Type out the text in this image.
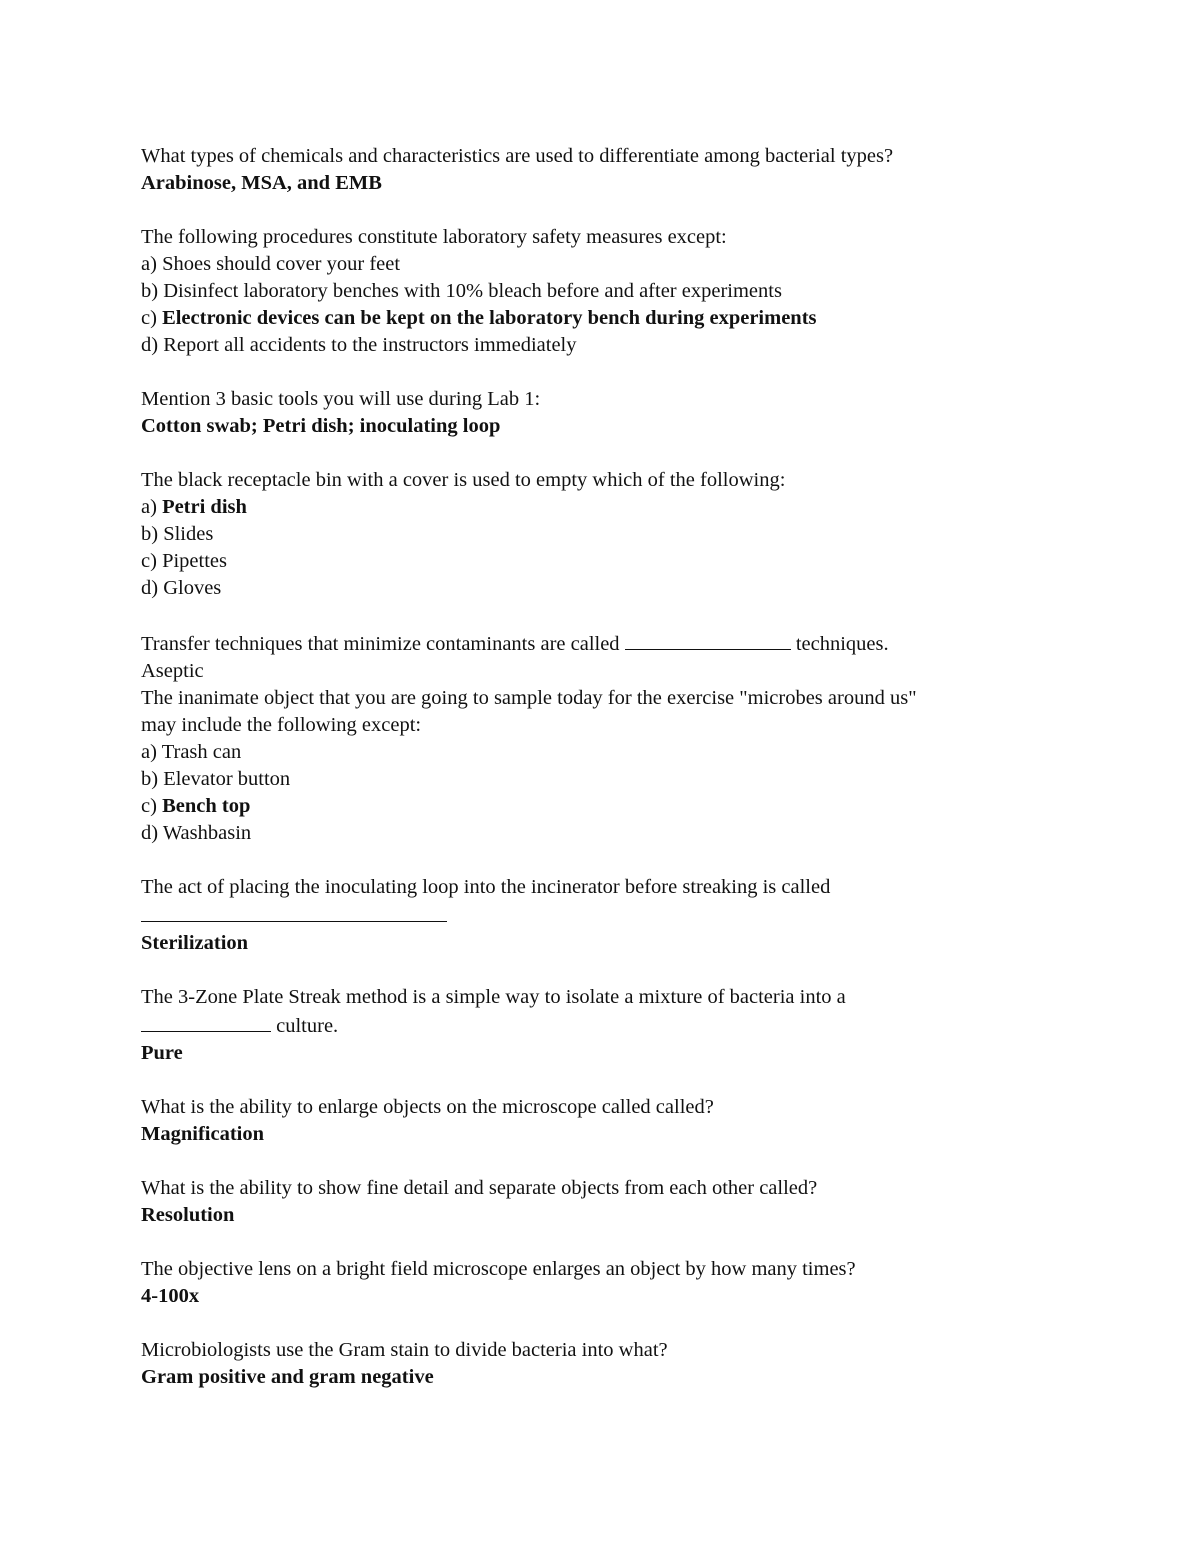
What types of chemicals and characteristics are used to differentiate among bacterial types?

Arabinose, MSA, and EMB

The following procedures constitute laboratory safety measures except:

a) Shoes should cover your feet

b) Disinfect laboratory benches with 10% bleach before and after experiments

c) Electronic devices can be kept on the laboratory bench during experiments

d) Report all accidents to the instructors immediately

Mention 3 basic tools you will use during Lab 1:

Cotton swab; Petri dish; inoculating loop

The black receptacle bin with a cover is used to empty which of the following:

a) Petri dish

b) Slides

c) Pipettes

d) Gloves

Transfer techniques that minimize contaminants are called	techniques.

Aseptic

The inanimate object that you are going to sample today for the exercise "microbes around us"

may include the following except:

a) Trash can

b) Elevator button

c) Bench top

d) Washbasin

The act of placing the inoculating loop into the incinerator before streaking is called

Sterilization

The 3-Zone Plate Streak method is a simple way to isolate a mixture of bacteria into a

culture.

Pure

What is the ability to enlarge objects on the microscope called called?

Magnification

What is the ability to show fine detail and separate objects from each other called?

Resolution

The objective lens on a bright field microscope enlarges an object by how many times?

4-100x

Microbiologists use the Gram stain to divide bacteria into what?

Gram positive and gram negative
